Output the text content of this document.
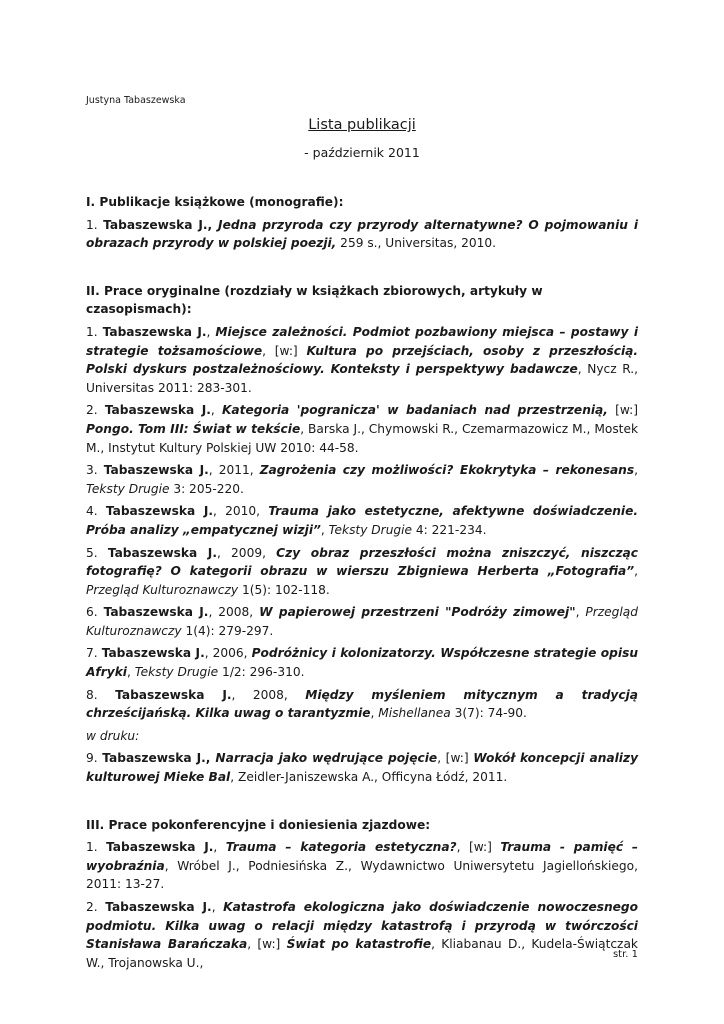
Justyna Tabaszewska
Lista publikacji
- październik 2011
I. Publikacje książkowe (monografie):
1. Tabaszewska J., Jedna przyroda czy przyrody alternatywne? O pojmowaniu i obrazach przyrody w polskiej poezji, 259 s., Universitas, 2010.
II. Prace oryginalne (rozdziały w książkach zbiorowych, artykuły w czasopismach):
1. Tabaszewska J., Miejsce zależności. Podmiot pozbawiony miejsca – postawy i strategie tożsamościowe, [w:] Kultura po przejściach, osoby z przeszłością. Polski dyskurs postzależnościowy. Konteksty i perspektywy badawcze, Nycz R., Universitas 2011: 283-301.
2. Tabaszewska J., Kategoria 'pogranicza' w badaniach nad przestrzenią, [w:] Pongo. Tom III: Świat w tekście, Barska J., Chymowski R., Czemarmazowicz M., Mostek M., Instytut Kultury Polskiej UW 2010: 44-58.
3. Tabaszewska J., 2011, Zagrożenia czy możliwości? Ekokrytyka – rekonesans, Teksty Drugie 3: 205-220.
4. Tabaszewska J., 2010, Trauma jako estetyczne, afektywne doświadczenie. Próba analizy „empatycznej wizji”, Teksty Drugie 4: 221-234.
5. Tabaszewska J., 2009, Czy obraz przeszłości można zniszczyć, niszcząc fotografię? O kategorii obrazu w wierszu Zbigniewa Herberta „Fotografia”, Przegląd Kulturoznawczy 1(5): 102-118.
6. Tabaszewska J., 2008, W papierowej przestrzeni "Podróży zimowej", Przegląd Kulturoznawczy 1(4): 279-297.
7. Tabaszewska J., 2006, Podróżnicy i kolonizatorzy. Współczesne strategie opisu Afryki, Teksty Drugie 1/2: 296-310.
8. Tabaszewska J., 2008, Między myśleniem mitycznym a tradycją chrześcijańską. Kilka uwag o tarantyzmie, Mishellanea 3(7): 74-90.
w druku:
9. Tabaszewska J., Narracja jako wędrujące pojęcie, [w:] Wokół koncepcji analizy kulturowej Mieke Bal, Zeidler-Janiszewska A., Officyna Łódź, 2011.
III. Prace pokonferencyjne i doniesienia zjazdowe:
1. Tabaszewska J., Trauma – kategoria estetyczna?, [w:] Trauma - pamięć – wyobraźnia, Wróbel J., Podniesińska Z., Wydawnictwo Uniwersytetu Jagiellońskiego, 2011: 13-27.
2. Tabaszewska J., Katastrofa ekologiczna jako doświadczenie nowoczesnego podmiotu. Kilka uwag o relacji między katastrofą i przyrodą w twórczości Stanisława Barańczaka, [w:] Świat po katastrofie, Kliabanau D., Kudela-Świątczak W., Trojanowska U.,
str. 1
